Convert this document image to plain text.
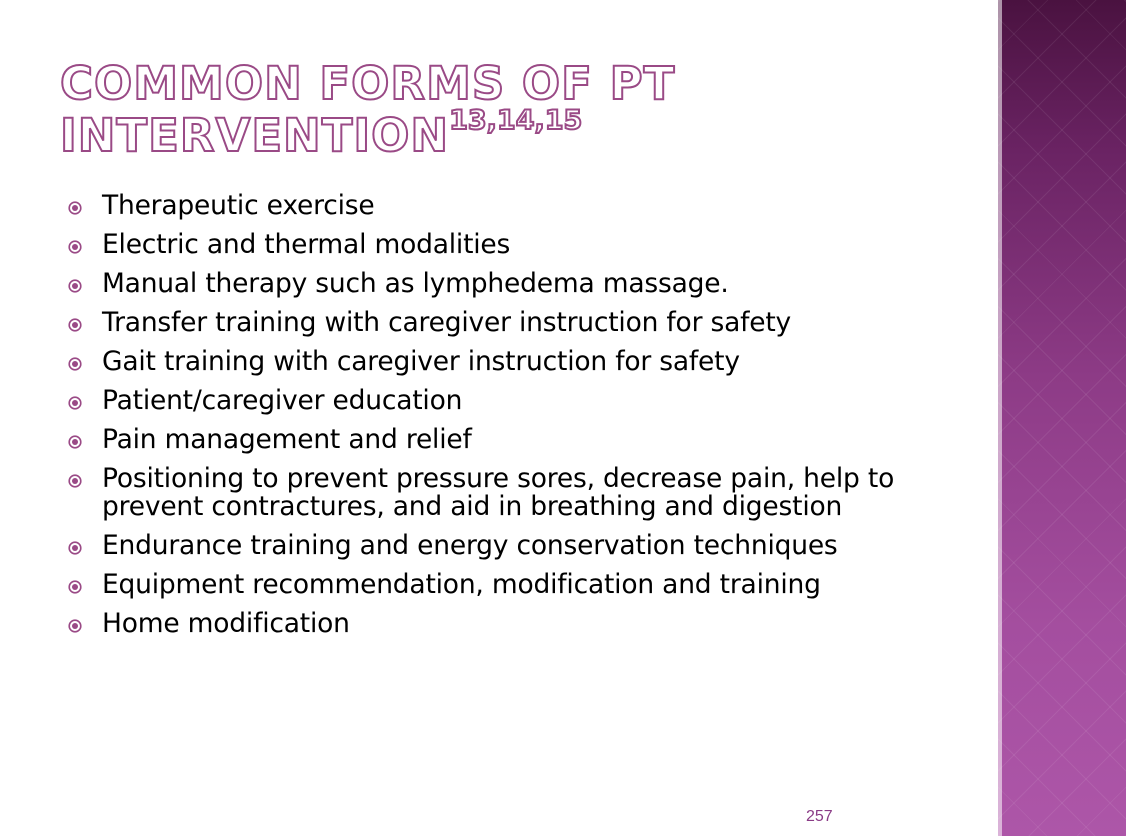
COMMON FORMS OF PT
INTERVENTION$^{13,14,15}$
Therapeutic exercise
Electric and thermal modalities
Manual therapy such as lymphedema massage.
Transfer training with caregiver instruction for safety
Gait training with caregiver instruction for safety
Patient/caregiver education
Pain management and relief
Positioning to prevent pressure sores, decrease pain, help to prevent contractures, and aid in breathing and digestion
Endurance training and energy conservation techniques
Equipment recommendation, modification and training
Home modification
257
